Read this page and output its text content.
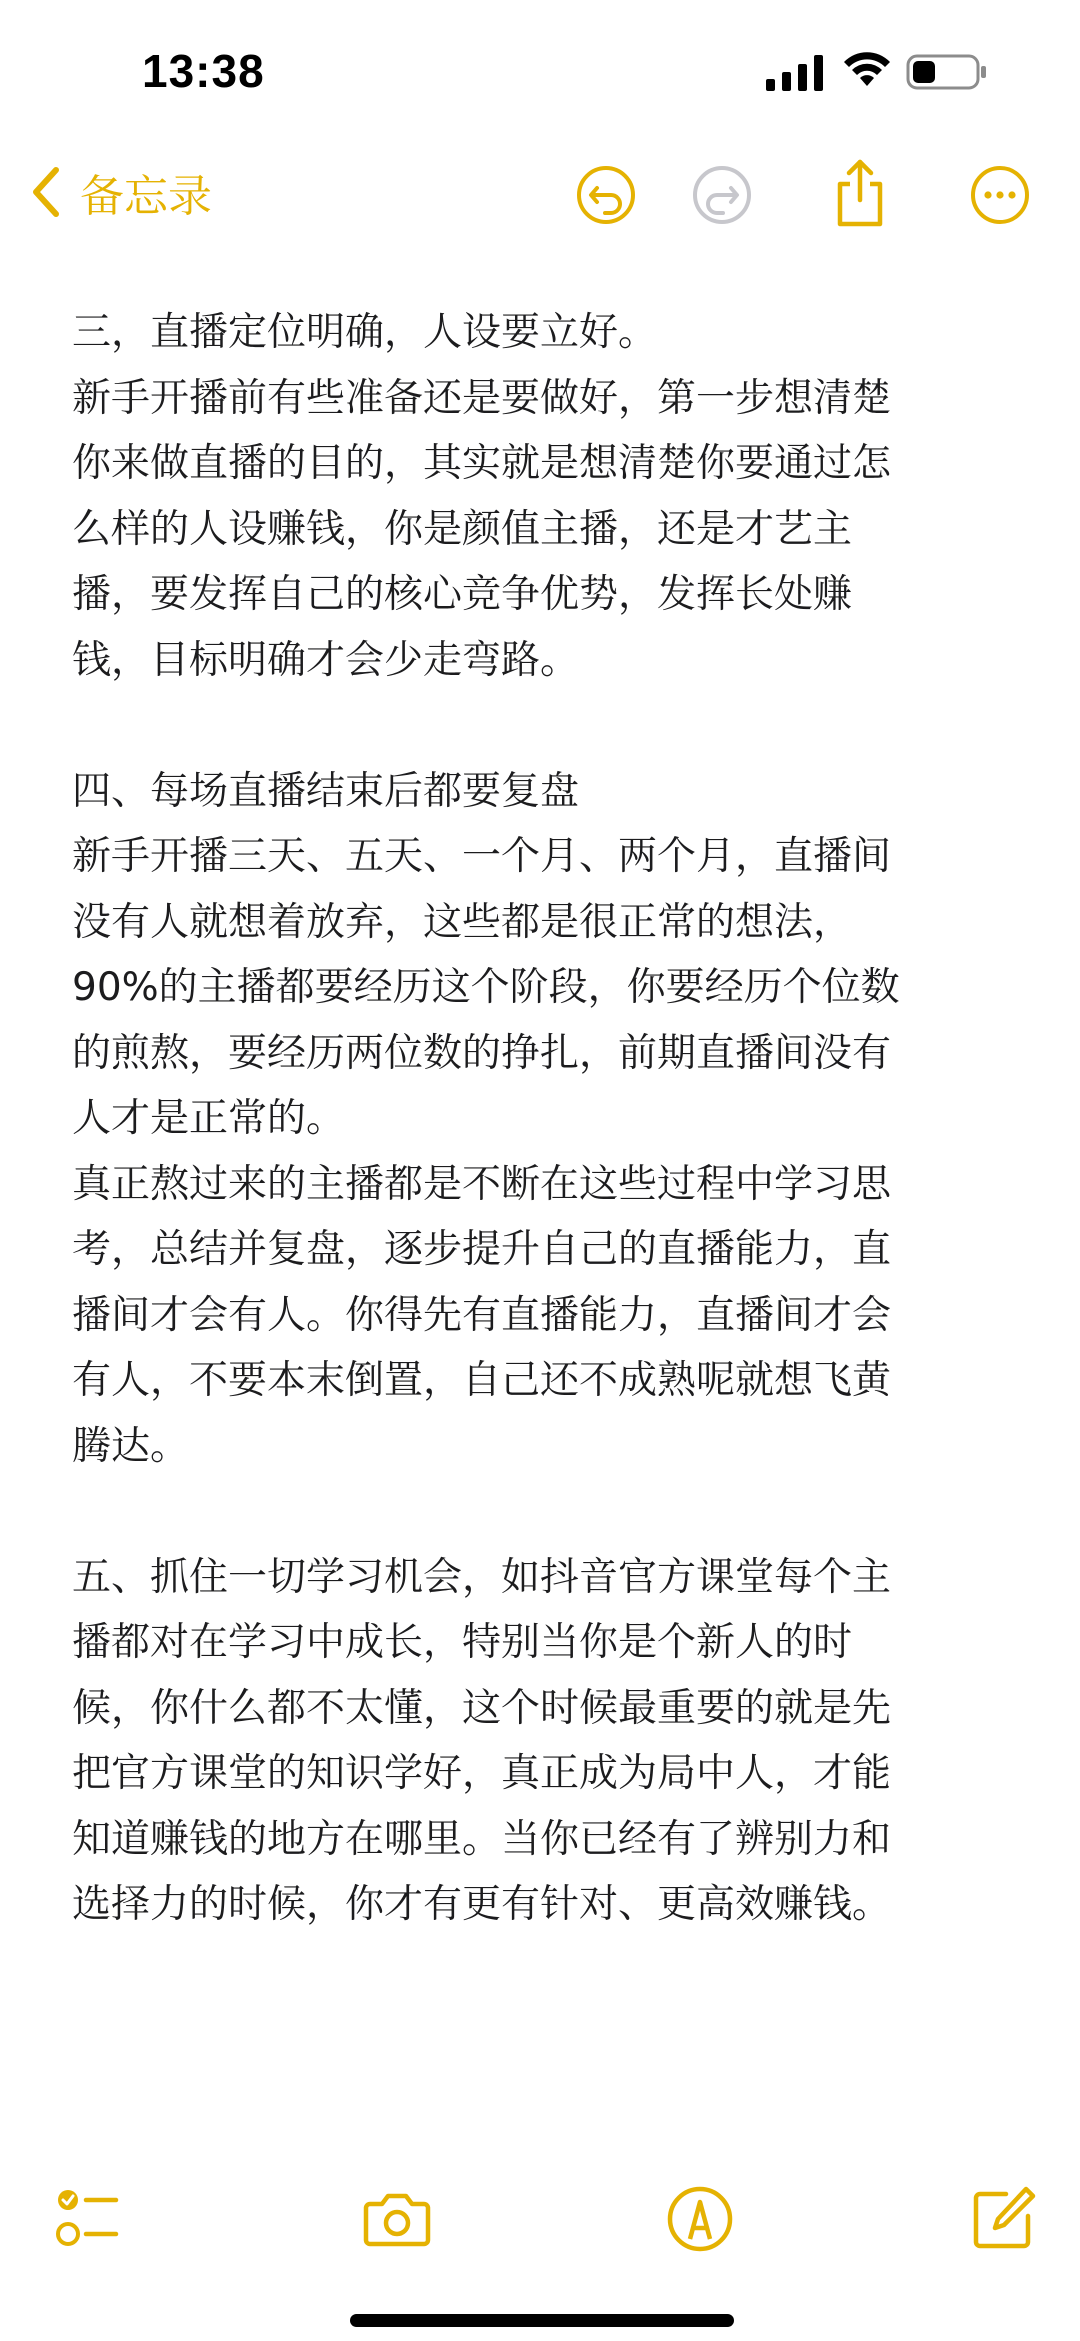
13:38
备忘录
三，直播定位明确，人设要立好。
新手开播前有些准备还是要做好，第一步想清楚
你来做直播的目的，其实就是想清楚你要通过怎
么样的人设赚钱，你是颜值主播，还是才艺主
播，要发挥自己的核心竞争优势，发挥长处赚
钱，目标明确才会少走弯路。
四、每场直播结束后都要复盘
新手开播三天、五天、一个月、两个月，直播间
没有人就想着放弃，这些都是很正常的想法，
90%的主播都要经历这个阶段，你要经历个位数
的煎熬，要经历两位数的挣扎，前期直播间没有
人才是正常的。
真正熬过来的主播都是不断在这些过程中学习思
考，总结并复盘，逐步提升自己的直播能力，直
播间才会有人。你得先有直播能力，直播间才会
有人，不要本末倒置，自己还不成熟呢就想飞黄
腾达。
五、抓住一切学习机会，如抖音官方课堂每个主
播都对在学习中成长，特别当你是个新人的时
候，你什么都不太懂，这个时候最重要的就是先
把官方课堂的知识学好，真正成为局中人，才能
知道赚钱的地方在哪里。当你已经有了辨别力和
选择力的时候，你才有更有针对、更高效赚钱。
